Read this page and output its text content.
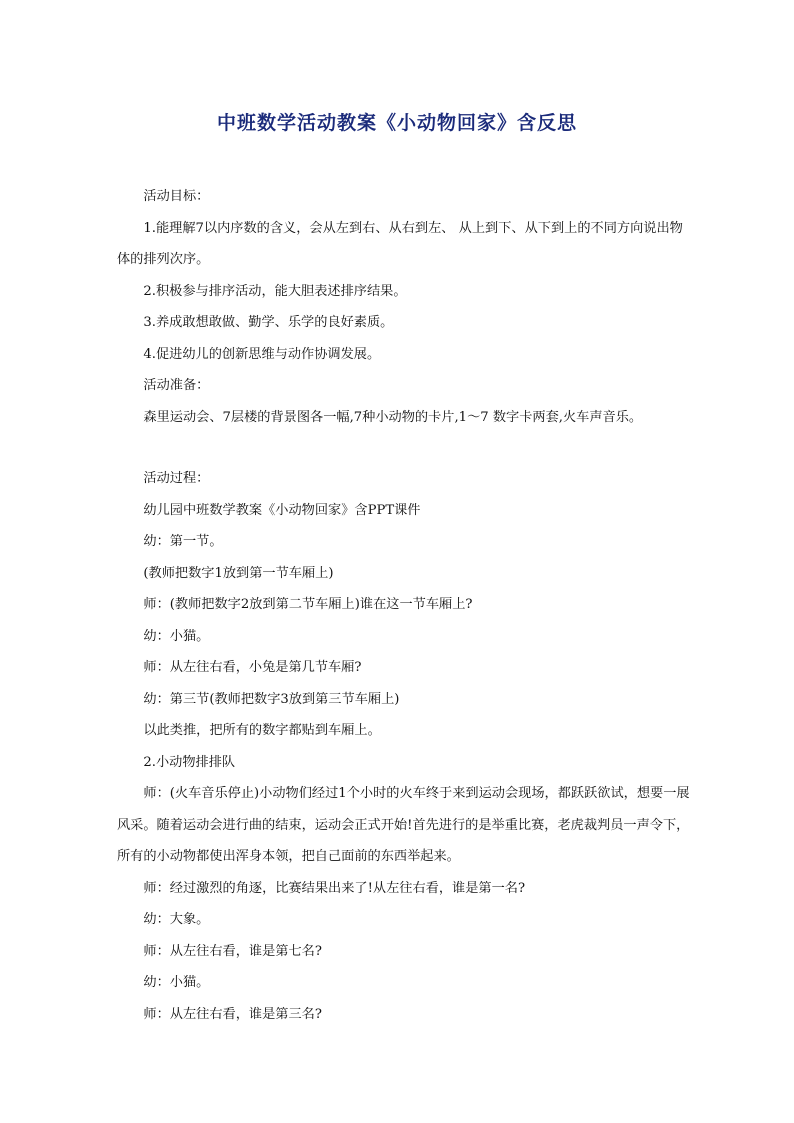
中班数学活动教案《小动物回家》含反思

活动目标：

1.能理解7以内序数的含义，会从左到右、从右到左、 从上到下、从下到上的不同方向说出物体的排列次序。

2.积极参与排序活动，能大胆表述排序结果。

3.养成敢想敢做、勤学、乐学的良好素质。

4.促进幼儿的创新思维与动作协调发展。

活动准备：

森里运动会、7层楼的背景图各一幅,7种小动物的卡片,1～7 数字卡两套,火车声音乐。

活动过程：

幼儿园中班数学教案《小动物回家》含PPT课件

幼：第一节。

(教师把数字1放到第一节车厢上)

师：(教师把数字2放到第二节车厢上)谁在这一节车厢上?

幼：小猫。

师：从左往右看，小兔是第几节车厢?

幼：第三节(教师把数字3放到第三节车厢上)

以此类推，把所有的数字都贴到车厢上。

2.小动物排排队

师：(火车音乐停止)小动物们经过1个小时的火车终于来到运动会现场，都跃跃欲试，想要一展风采。随着运动会进行曲的结束，运动会正式开始!首先进行的是举重比赛，老虎裁判员一声令下，所有的小动物都使出浑身本领，把自己面前的东西举起来。

师：经过激烈的角逐，比赛结果出来了!从左往右看，谁是第一名?

幼：大象。

师：从左往右看，谁是第七名?

幼：小猫。

师：从左往右看，谁是第三名?
